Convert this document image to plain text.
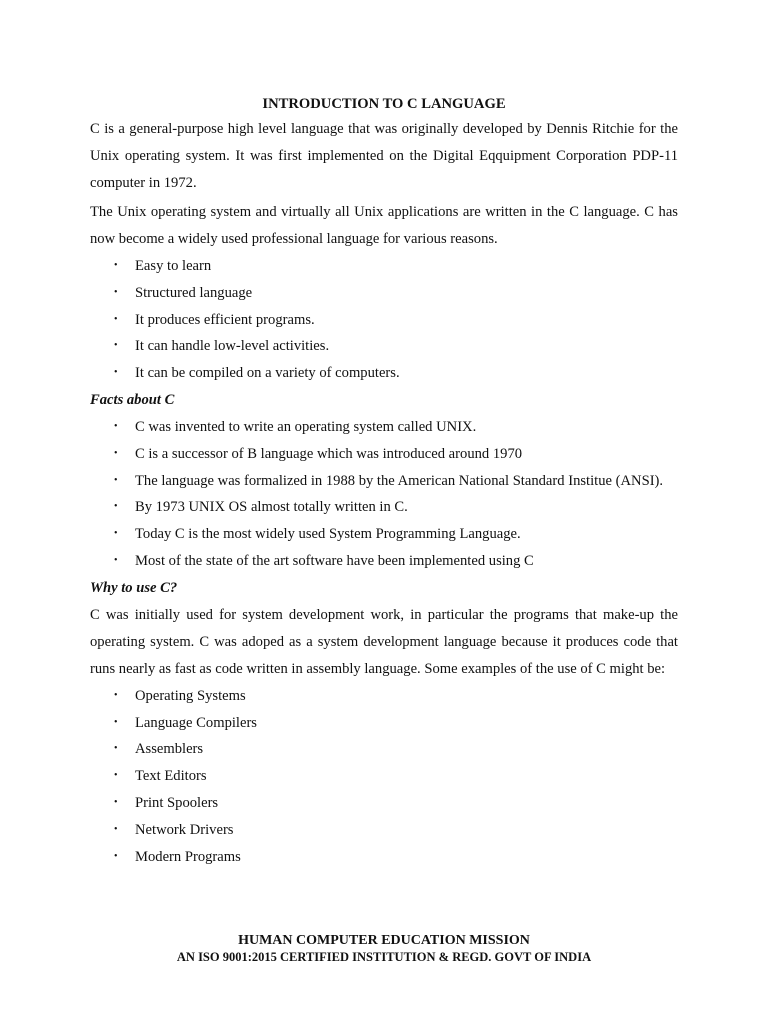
INTRODUCTION TO C LANGUAGE

C is a general-purpose high level language that was originally developed by Dennis Ritchie for the Unix operating system. It was first implemented on the Digital Eqquipment Corporation PDP-11 computer in 1972.

The Unix operating system and virtually all Unix applications are written in the C language. C has now become a widely used professional language for various reasons.

• Easy to learn
• Structured language
• It produces efficient programs.
• It can handle low-level activities.
• It can be compiled on a variety of computers.

Facts about C

• C was invented to write an operating system called UNIX.
• C is a successor of B language which was introduced around 1970
• The language was formalized in 1988 by the American National Standard Institue (ANSI).
• By 1973 UNIX OS almost totally written in C.
• Today C is the most widely used System Programming Language.
• Most of the state of the art software have been implemented using C

Why to use C?

C was initially used for system development work, in particular the programs that make-up the operating system. C was adoped as a system development language because it produces code that runs nearly as fast as code written in assembly language. Some examples of the use of C might be:

• Operating Systems
• Language Compilers
• Assemblers
• Text Editors
• Print Spoolers
• Network Drivers
• Modern Programs
HUMAN COMPUTER EDUCATION MISSION
AN ISO 9001:2015 CERTIFIED INSTITUTION & REGD. GOVT OF INDIA
